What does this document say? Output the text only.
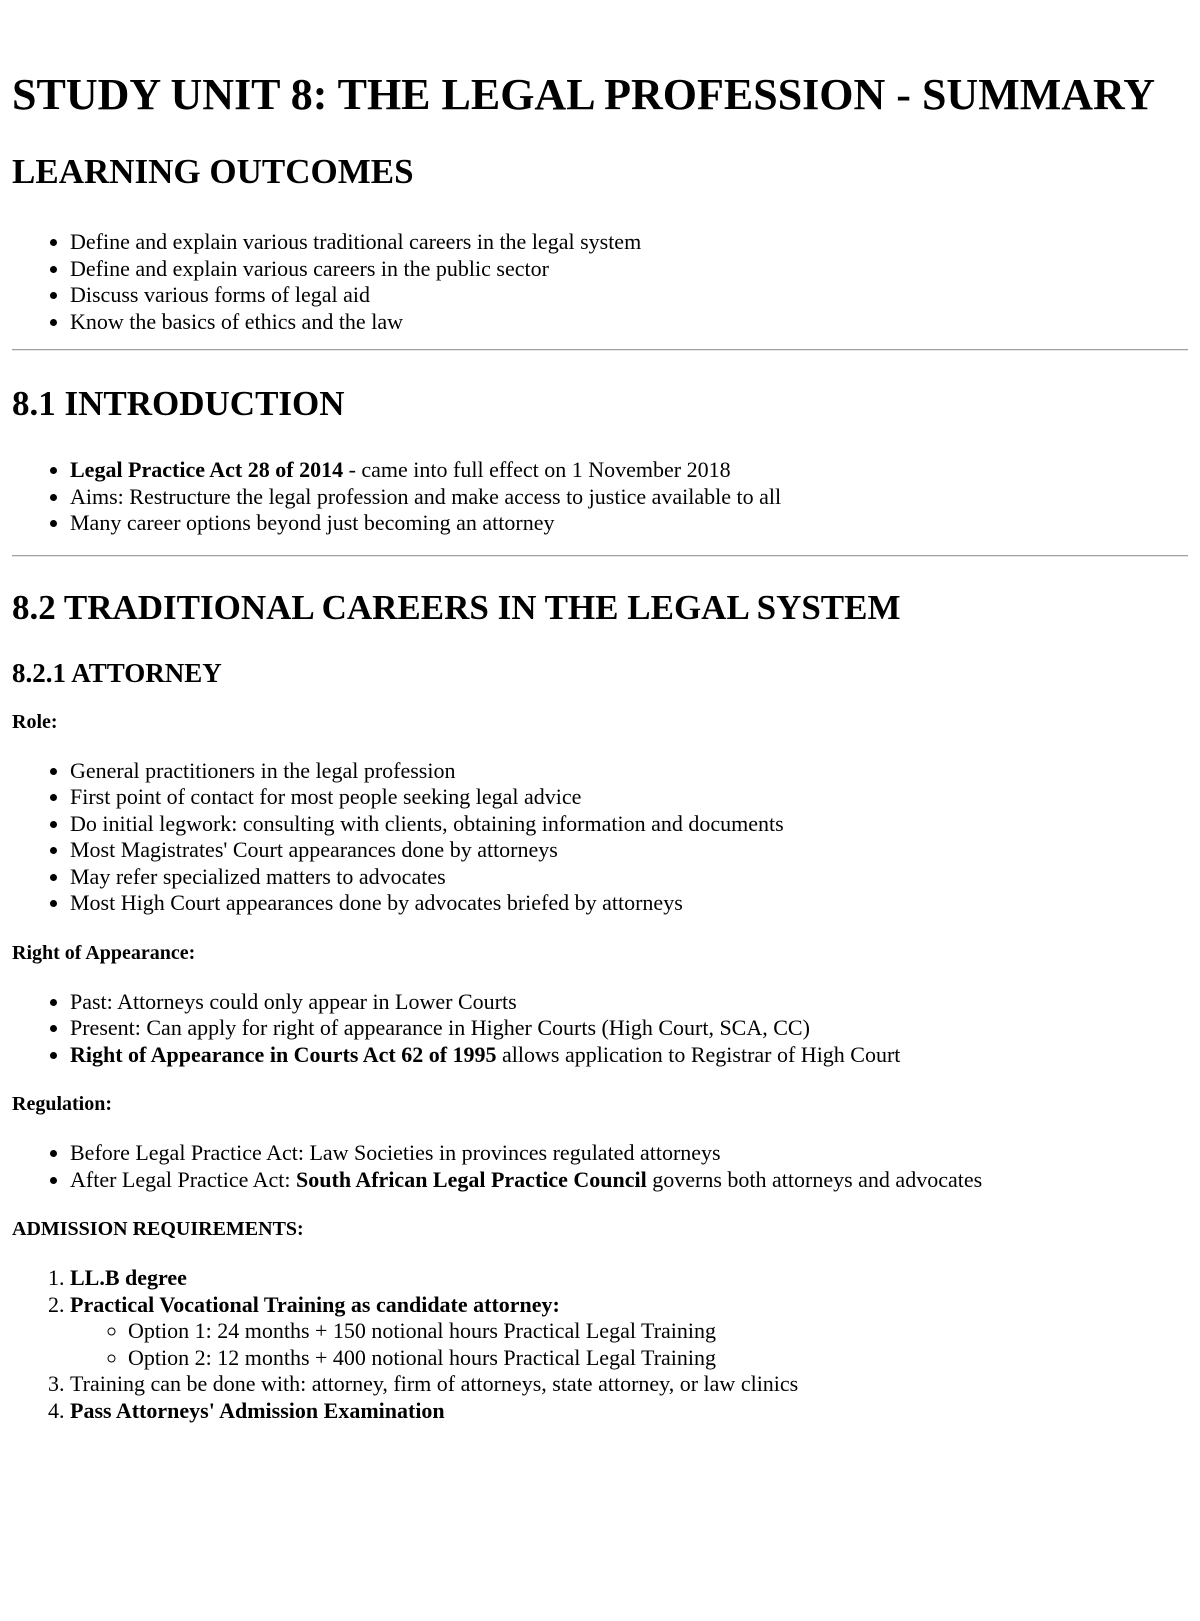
STUDY UNIT 8: THE LEGAL PROFESSION - SUMMARY
LEARNING OUTCOMES
• Define and explain various traditional careers in the legal system
• Define and explain various careers in the public sector
• Discuss various forms of legal aid
• Know the basics of ethics and the law
8.1 INTRODUCTION
• Legal Practice Act 28 of 2014 - came into full effect on 1 November 2018
• Aims: Restructure the legal profession and make access to justice available to all
• Many career options beyond just becoming an attorney
8.2 TRADITIONAL CAREERS IN THE LEGAL SYSTEM
8.2.1 ATTORNEY

Role:

• General practitioners in the legal profession
• First point of contact for most people seeking legal advice
• Do initial legwork: consulting with clients, obtaining information and documents
• Most Magistrates' Court appearances done by attorneys
• May refer specialized matters to advocates
• Most High Court appearances done by advocates briefed by attorneys

Right of Appearance:

• Past: Attorneys could only appear in Lower Courts
• Present: Can apply for right of appearance in Higher Courts (High Court, SCA, CC)
• Right of Appearance in Courts Act 62 of 1995 allows application to Registrar of High Court

Regulation:

• Before Legal Practice Act: Law Societies in provinces regulated attorneys
• After Legal Practice Act: South African Legal Practice Council governs both attorneys and advocates

ADMISSION REQUIREMENTS:

1. LL.B degree
2. Practical Vocational Training as candidate attorney:
◦ Option 1: 24 months + 150 notional hours Practical Legal Training
◦ Option 2: 12 months + 400 notional hours Practical Legal Training
3. Training can be done with: attorney, firm of attorneys, state attorney, or law clinics
4. Pass Attorneys' Admission Examination
